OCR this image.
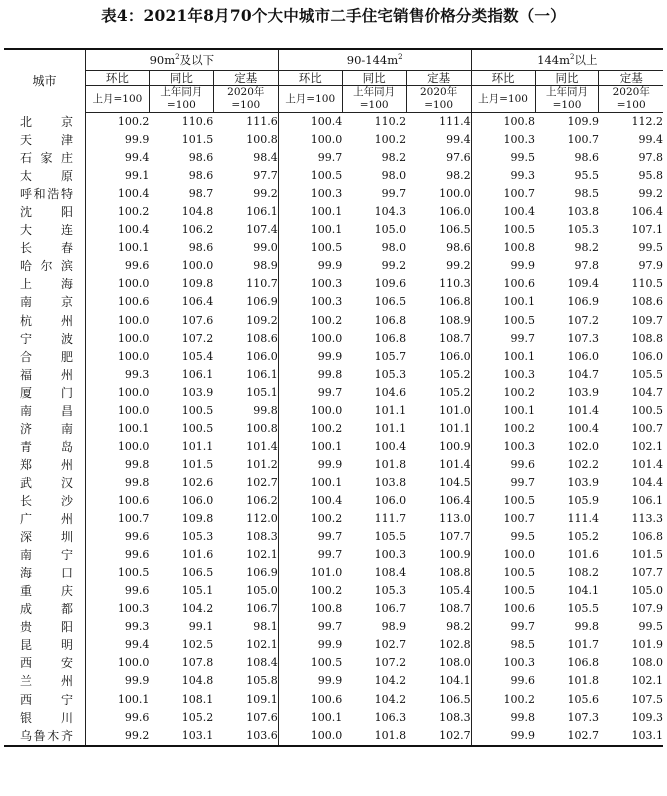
表4：2021年8月70个大中城市二手住宅销售价格分类指数（一）
城市	$90m^2$及以下			$90-144m^2$			$144m^2$以上		
	环比	同比	定基	环比	同比	定基	环比	同比	定基
	上月=100	上年同月=100	2020年=100	上月=100	上年同月=100	2020年=100	上月=100	上年同月=100	2020年=100
北京	100.2	110.6	111.6	100.4	110.2	111.4	100.8	109.9	112.2
天津	99.9	101.5	100.8	100.0	100.2	99.4	100.3	100.7	99.4
石家庄	99.4	98.6	98.4	99.7	98.2	97.6	99.5	98.6	97.8
太原	99.1	98.6	97.7	100.5	98.0	98.2	99.3	95.5	95.8
呼和浩特	100.4	98.7	99.2	100.3	99.7	100.0	100.7	98.5	99.2
沈阳	100.2	104.8	106.1	100.1	104.3	106.0	100.4	103.8	106.4
大连	100.4	106.2	107.4	100.1	105.0	106.5	100.5	105.3	107.1
长春	100.1	98.6	99.0	100.5	98.0	98.6	100.8	98.2	99.5
哈尔滨	99.6	100.0	98.9	99.9	99.2	99.2	99.9	97.8	97.9
上海	100.0	109.8	110.7	100.3	109.6	110.3	100.6	109.4	110.5
南京	100.6	106.4	106.9	100.3	106.5	106.8	100.1	106.9	108.6
杭州	100.0	107.6	109.2	100.2	106.8	108.9	100.5	107.2	109.7
宁波	100.0	107.2	108.6	100.0	106.8	108.7	99.7	107.3	108.8
合肥	100.0	105.4	106.0	99.9	105.7	106.0	100.1	106.0	106.0
福州	99.3	106.1	106.1	99.8	105.3	105.2	100.3	104.7	105.5
厦门	100.0	103.9	105.1	99.7	104.6	105.2	100.2	103.9	104.7
南昌	100.0	100.5	99.8	100.0	101.1	101.0	100.1	101.4	100.5
济南	100.1	100.5	100.8	100.2	101.1	101.1	100.2	100.4	100.7
青岛	100.0	101.1	101.4	100.1	100.4	100.9	100.3	102.0	102.1
郑州	99.8	101.5	101.2	99.9	101.8	101.4	99.6	102.2	101.4
武汉	99.8	102.6	102.7	100.1	103.8	104.5	99.7	103.9	104.4
长沙	100.6	106.0	106.2	100.4	106.0	106.4	100.5	105.9	106.1
广州	100.7	109.8	112.0	100.2	111.7	113.0	100.7	111.4	113.3
深圳	99.6	105.3	108.3	99.7	105.5	107.7	99.5	105.2	106.8
南宁	99.6	101.6	102.1	99.7	100.3	100.9	100.0	101.6	101.5
海口	100.5	106.5	106.9	101.0	108.4	108.8	100.5	108.2	107.7
重庆	99.6	105.1	105.0	100.2	105.3	105.4	100.5	104.1	105.0
成都	100.3	104.2	106.7	100.8	106.7	108.7	100.6	105.5	107.9
贵阳	99.3	99.1	98.1	99.7	98.9	98.2	99.7	99.8	99.5
昆明	99.4	102.5	102.1	99.9	102.7	102.8	98.5	101.7	101.9
西安	100.0	107.8	108.4	100.5	107.2	108.0	100.3	106.8	108.0
兰州	99.9	104.8	105.8	99.9	104.2	104.1	99.6	101.8	102.1
西宁	100.1	108.1	109.1	100.6	104.2	106.5	100.2	105.6	107.5
银川	99.6	105.2	107.6	100.1	106.3	108.3	99.8	107.3	109.3
乌鲁木齐	99.2	103.1	103.6	100.0	101.8	102.7	99.9	102.7	103.1
